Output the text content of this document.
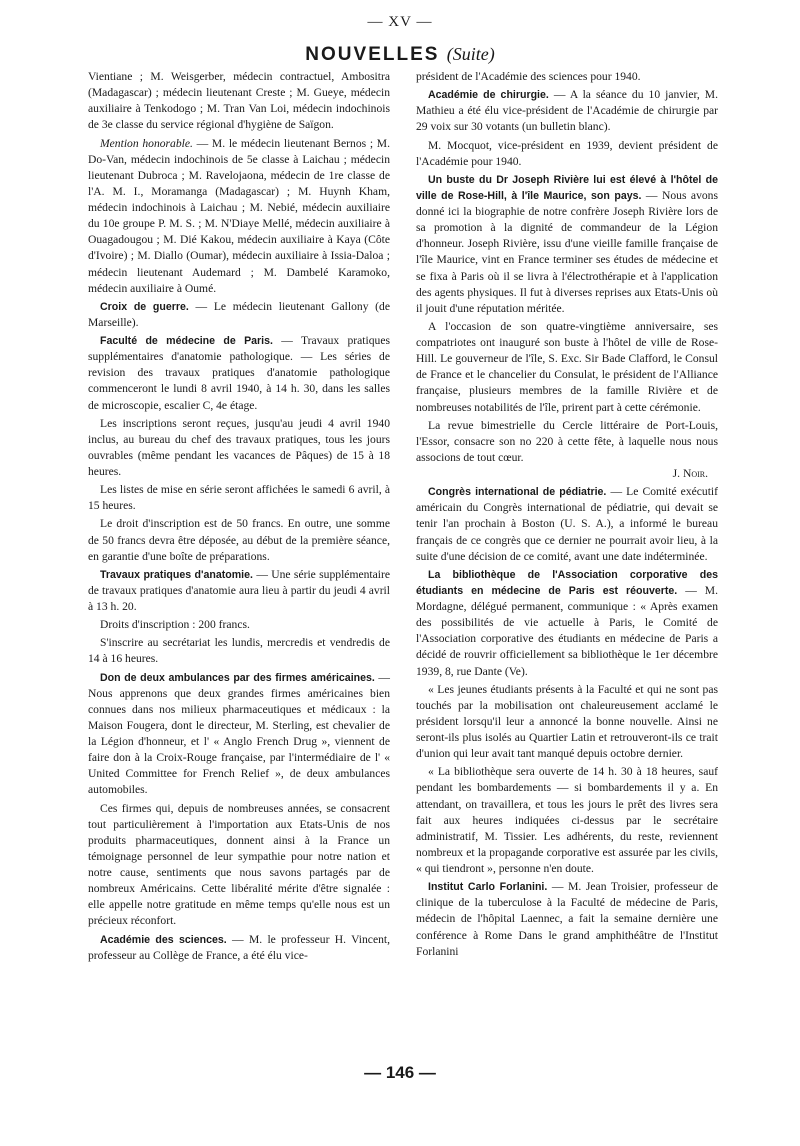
— XV —
NOUVELLES (Suite)

Vientiane ; M. Weisgerber, médecin contractuel, Ambositra (Madagascar) ; médecin lieutenant Creste ; M. Gueye, médecin auxiliaire à Tenkodogo ; M. Tran Van Loi, médecin indochinois de 3e classe du service régional d'hygiène de Saïgon.

Mention honorable. — M. le médecin lieutenant Bernos ; M. Do-Van, médecin indochinois de 5e classe à Laichau ; médecin lieutenant Dubroca ; M. Ravelojaona, médecin de 1re classe de l'A. M. I., Moramanga (Madagascar) ; M. Huynh Kham, médecin indochinois à Laichau ; M. Nebié, médecin auxiliaire du 10e groupe P. M. S. ; M. N'Diaye Mellé, médecin auxiliaire à Ouagadougou ; M. Dié Kakou, médecin auxiliaire à Kaya (Côte d'Ivoire) ; M. Diallo (Oumar), médecin auxiliaire à Issia-Daloa ; médecin lieutenant Audemard ; M. Dambelé Karamoko, médecin auxiliaire à Oumé.

Croix de guerre. — Le médecin lieutenant Gallony (de Marseille).

Faculté de médecine de Paris. — Travaux pratiques supplémentaires d'anatomie pathologique. — Les séries de revision des travaux pratiques d'anatomie pathologique commenceront le lundi 8 avril 1940, à 14 h. 30, dans les salles de microscopie, escalier C, 4e étage.

Les inscriptions seront reçues, jusqu'au jeudi 4 avril 1940 inclus, au bureau du chef des travaux pratiques, tous les jours ouvrables (même pendant les vacances de Pâques) de 15 à 18 heures.

Les listes de mise en série seront affichées le samedi 6 avril, à 15 heures.

Le droit d'inscription est de 50 francs. En outre, une somme de 50 francs devra être déposée, au début de la première séance, en garantie d'une boîte de préparations.

Travaux pratiques d'anatomie. — Une série supplémentaire de travaux pratiques d'anatomie aura lieu à partir du jeudi 4 avril à 13 h. 20.

Droits d'inscription : 200 francs.

S'inscrire au secrétariat les lundis, mercredis et vendredis de 14 à 16 heures.

Don de deux ambulances par des firmes américaines. — Nous apprenons que deux grandes firmes américaines bien connues dans nos milieux pharmaceutiques et médicaux : la Maison Fougera, dont le directeur, M. Sterling, est chevalier de la Légion d'honneur, et l' « Anglo French Drug », viennent de faire don à la Croix-Rouge française, par l'intermédiaire de l' « United Committee for French Relief », de deux ambulances automobiles.

Ces firmes qui, depuis de nombreuses années, se consacrent tout particulièrement à l'importation aux Etats-Unis de nos produits pharmaceutiques, donnent ainsi à la France un témoignage personnel de leur sympathie pour notre nation et notre cause, sentiments que nous savons partagés par de nombreux Américains. Cette libéralité mérite d'être signalée : elle appelle notre gratitude en même temps qu'elle nous est un précieux réconfort.

Académie des sciences. — M. le professeur H. Vincent, professeur au Collège de France, a été élu vice-

président de l'Académie des sciences pour 1940.

Académie de chirurgie. — A la séance du 10 janvier, M. Mathieu a été élu vice-président de l'Académie de chirurgie par 29 voix sur 30 votants (un bulletin blanc).

M. Mocquot, vice-président en 1939, devient président de l'Académie pour 1940.

Un buste du Dr Joseph Rivière lui est élevé à l'hôtel de ville de Rose-Hill, à l'île Maurice, son pays. — Nous avons donné ici la biographie de notre confrère Joseph Rivière lors de sa promotion à la dignité de commandeur de la Légion d'honneur. Joseph Rivière, issu d'une vieille famille française de l'île Maurice, vint en France terminer ses études de médecine et se fixa à Paris où il se livra à l'électrothérapie et à l'application des agents physiques. Il fut à diverses reprises aux Etats-Unis où il jouit d'une réputation méritée.

A l'occasion de son quatre-vingtième anniversaire, ses compatriotes ont inauguré son buste à l'hôtel de ville de Rose-Hill. Le gouverneur de l'île, S. Exc. Sir Bade Clafford, le Consul de France et le chancelier du Consulat, le président de l'Alliance française, plusieurs membres de la famille Rivière et de nombreuses notabilités de l'île, prirent part à cette cérémonie.

La revue bimestrielle du Cercle littéraire de Port-Louis, l'Essor, consacre son no 220 à cette fête, à laquelle nous nous associons de tout cœur.

J. Noir.

Congrès international de pédiatrie. — Le Comité exécutif américain du Congrès international de pédiatrie, qui devait se tenir l'an prochain à Boston (U. S. A.), a informé le bureau français de ce congrès que ce dernier ne pourrait avoir lieu, à la suite d'une décision de ce comité, avant une date indéterminée.

La bibliothèque de l'Association corporative des étudiants en médecine de Paris est réouverte. — M. Mordagne, délégué permanent, communique : « Après examen des possibilités de vie actuelle à Paris, le Comité de l'Association corporative des étudiants en médecine de Paris a décidé de rouvrir officiellement sa bibliothèque le 1er décembre 1939, 8, rue Dante (Ve).

« Les jeunes étudiants présents à la Faculté et qui ne sont pas touchés par la mobilisation ont chaleureusement acclamé le président lorsqu'il leur a annoncé la bonne nouvelle. Ainsi ne seront-ils plus isolés au Quartier Latin et retrouveront-ils ce trait d'union qui leur avait tant manqué depuis octobre dernier.

« La bibliothèque sera ouverte de 14 h. 30 à 18 heures, sauf pendant les bombardements — si bombardements il y a. En attendant, on travaillera, et tous les jours le prêt des livres sera fait aux heures indiquées ci-dessus par le secrétaire administratif, M. Tissier. Les adhérents, du reste, reviennent nombreux et la propagande corporative est assurée par les civils, « qui tiendront », personne n'en doute.

Institut Carlo Forlanini. — M. Jean Troisier, professeur de clinique de la tuberculose à la Faculté de médecine de Paris, médecin de l'hôpital Laennec, a fait la semaine dernière une conférence à Rome Dans le grand amphithéâtre de l'Institut Forlanini

— 146 —
